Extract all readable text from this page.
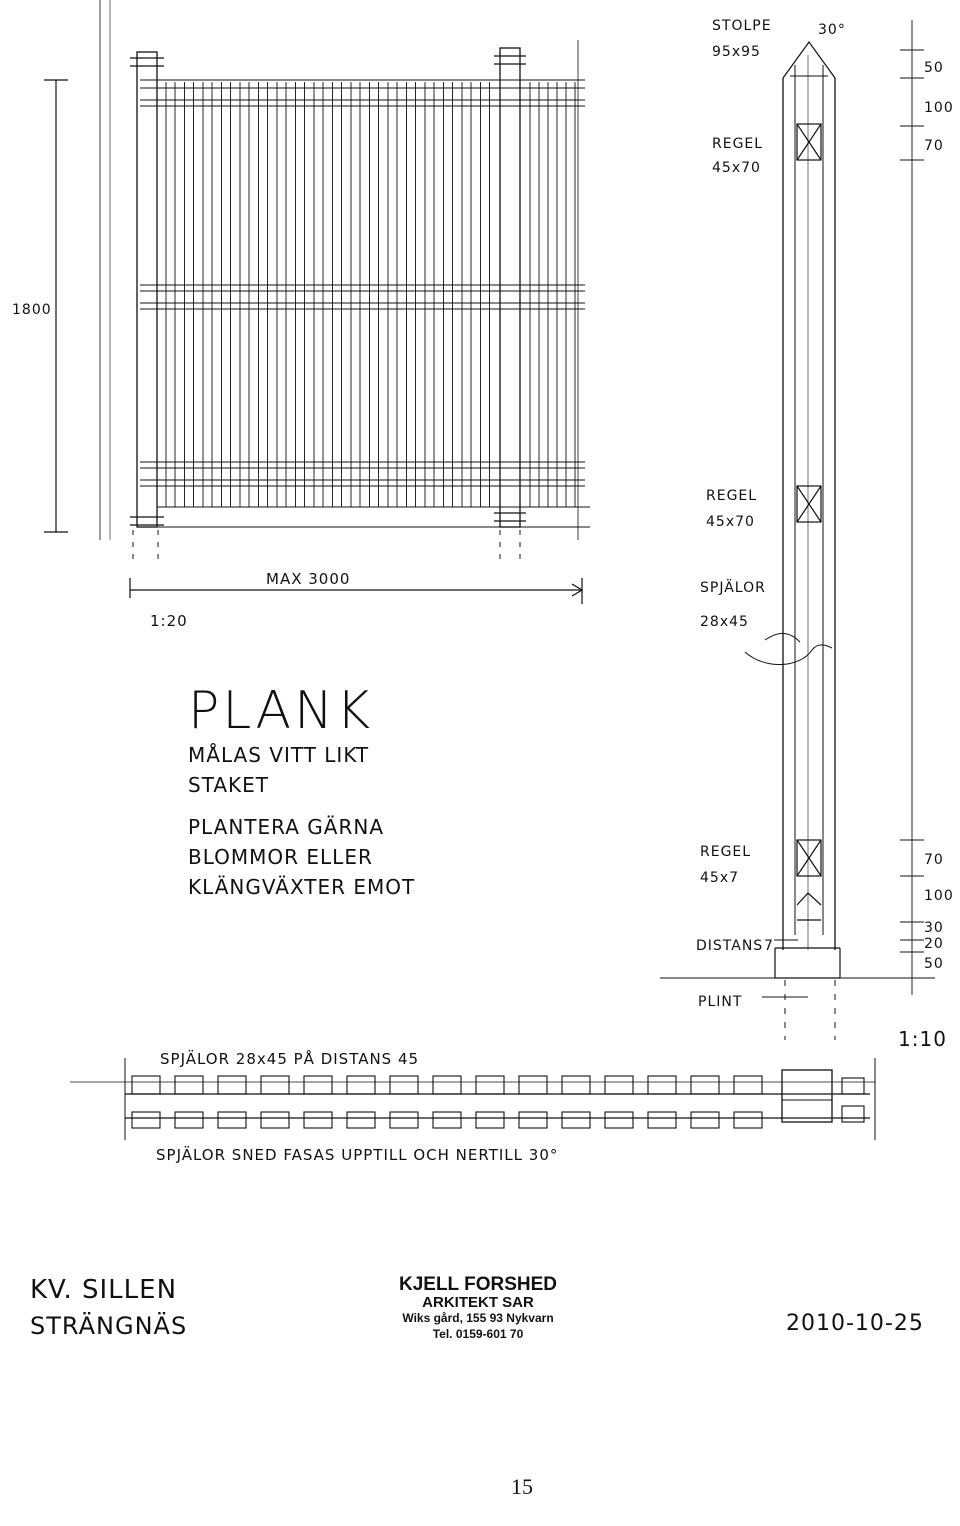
1800
MAX 3000
1:20
STOLPE
95x95
30°
REGEL
45x70
REGEL
45x70
SPJÄLOR
28x45
REGEL
45x7
DISTANS 7
PLINT
1:10
50
100
70
70
100
30
20
50
PLANK
MÅLAS VITT LIKT
STAKET
PLANTERA GÄRNA
BLOMMOR ELLER
KLÄNGVÄXTER EMOT
SPJÄLOR 28x45 PÅ DISTANS 45
SPJÄLOR SNED FASAS UPPTILL OCH NERTILL 30°
KV. SILLEN
STRÄNGNÄS
KJELL FORSHED
ARKITEKT SAR
Wiks gård, 155 93 Nykvarn
Tel. 0159-601 70	2010-10-25
15
